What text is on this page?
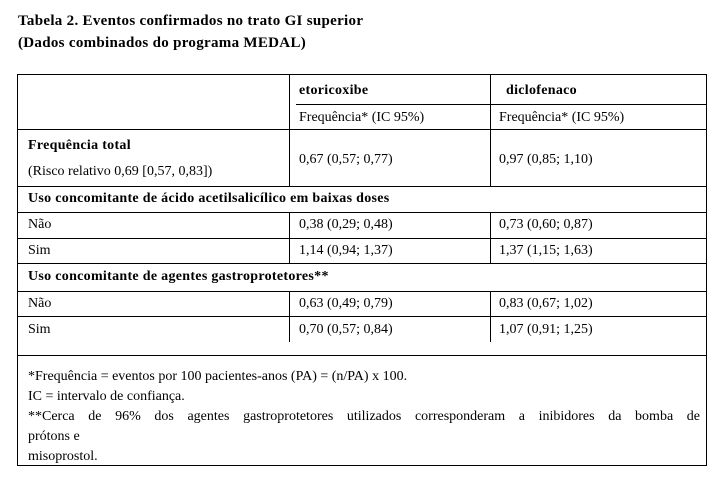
Tabela 2. Eventos confirmados no trato GI superior
(Dados combinados do programa MEDAL)
etoricoxibe	diclofenaco
Frequência* (IC 95%)	Frequência* (IC 95%)
Frequência total
(Risco relativo 0,69 [0,57, 0,83])
0,67 (0,57; 0,77)	0,97 (0,85; 1,10)
Uso concomitante de ácido acetilsalicílico em baixas doses
Não	0,38 (0,29; 0,48)	0,73 (0,60; 0,87)
Sim	1,14 (0,94; 1,37)	1,37 (1,15; 1,63)
Uso concomitante de agentes gastroprotetores**
Não	0,63 (0,49; 0,79)	0,83 (0,67; 1,02)
Sim	0,70 (0,57; 0,84)	1,07 (0,91; 1,25)
*Frequência = eventos por 100 pacientes-anos (PA) = (n/PA) x 100.
IC = intervalo de confiança.
**Cerca de 96% dos agentes gastroprotetores utilizados corresponderam a inibidores da bomba de
prótons e
misoprostol.
